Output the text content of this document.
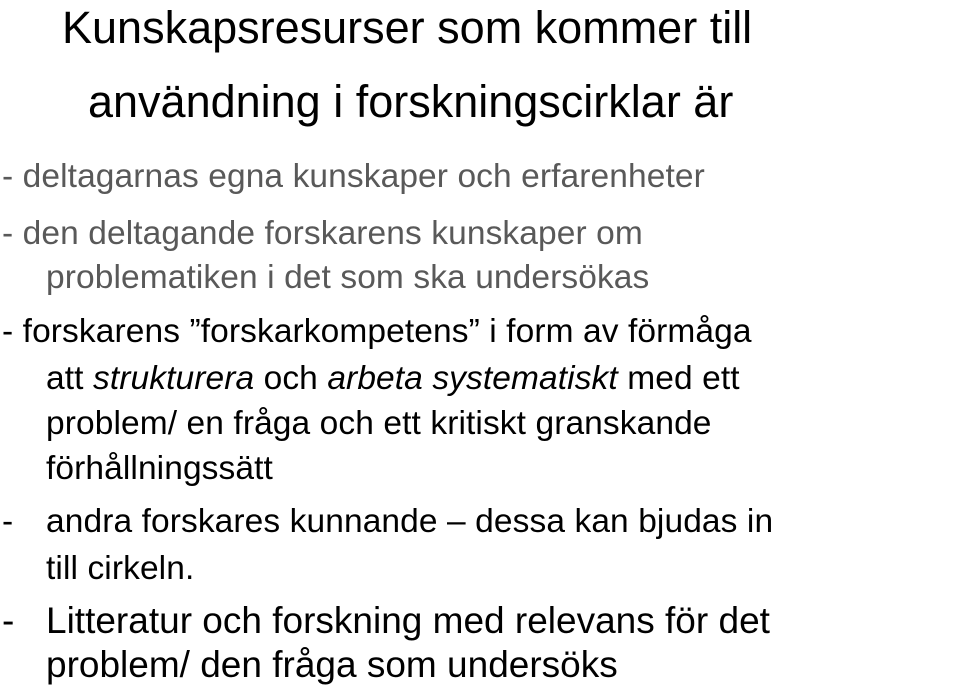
Kunskapsresurser som kommer till
användning i forskningscirklar är

- deltagarnas egna kunskaper och erfarenheter

- den deltagande forskarens kunskaper om

problematiken i det som ska undersökas

- forskarens ”forskarkompetens” i form av förmåga

att strukturera och arbeta systematiskt med ett

problem/ en fråga och ett kritiskt granskande

förhållningssätt

- andra forskares kunnande – dessa kan bjudas in

till cirkeln.

- Litteratur och forskning med relevans för det

problem/ den fråga som undersöks
